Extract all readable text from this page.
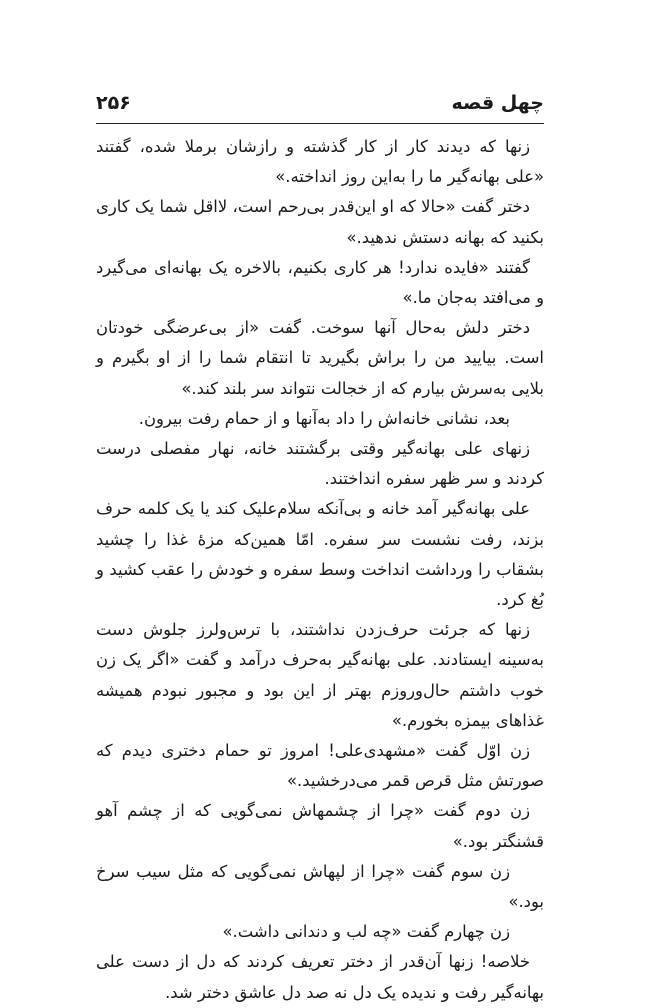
چهل قصه
۲۵۶

زنها که دیدند کار از کار گذشته و رازشان بر‌ملا شده، گفتند «علی بهانه‌گیر ما را به‌این روز انداخته.»

دختر گفت «حالا که او این‌قدر بی‌رحم است، لااقل شما یک کاری بکنید که بهانه دستش ندهید.»

گفتند «فایده ندارد! هر کاری بکنیم، بالاخره یک بهانه‌ای می‌گیرد و می‌افتد به‌جان ما.»

دختر دلش به‌حال آنها سوخت. گفت «از بی‌عرضگی خودتان است. بیایید من را براش بگیرید تا انتقام شما را از او بگیرم و بلایی به‌سرش بیارم که از خجالت نتواند سر بلند کند.»

بعد، نشانی خانه‌اش را داد به‌آنها و از حمام رفت بیرون.

زنهای علی بهانه‌گیر وقتی برگشتند خانه، نهار مفصلی درست کردند و سر ظهر سفره انداختند.

علی بهانه‌گیر آمد خانه و بی‌آنکه سلام‌علیک کند یا یک کلمه حرف بزند، رفت نشست سر سفره. امّا همین‌که مزهٔ غذا را چشید بشقاب را ورداشت انداخت وسط سفره و خودش را عقب کشید و بُغ کرد.

زنها که جرئت حرف‌زدن نداشتند، با ترس‌ولرز جلوش دست به‌سینه ایستادند. علی بهانه‌گیر به‌حرف درآمد و گفت «اگر یک زن خوب داشتم حال‌وروزم بهتر از این بود و مجبور نبودم همیشه غذاهای بیمزه بخورم.»

زن اوّل گفت «مشهدی‌علی! امروز تو حمام دختری دیدم که صورتش مثل قرص قمر می‌درخشید.»

زن دوم گفت «چرا از چشمهاش نمی‌گویی که از چشم آهو قشنگتر بود.»

زن سوم گفت «چرا از لپهاش نمی‌گویی که مثل سیب سرخ بود.»

زن چهارم گفت «چه لب و دندانی داشت.»

خلاصه! زنها آن‌قدر از دختر تعریف کردند که دل از دست علی بهانه‌گیر رفت و ندیده یک دل نه صد دل عاشق دختر شد.
